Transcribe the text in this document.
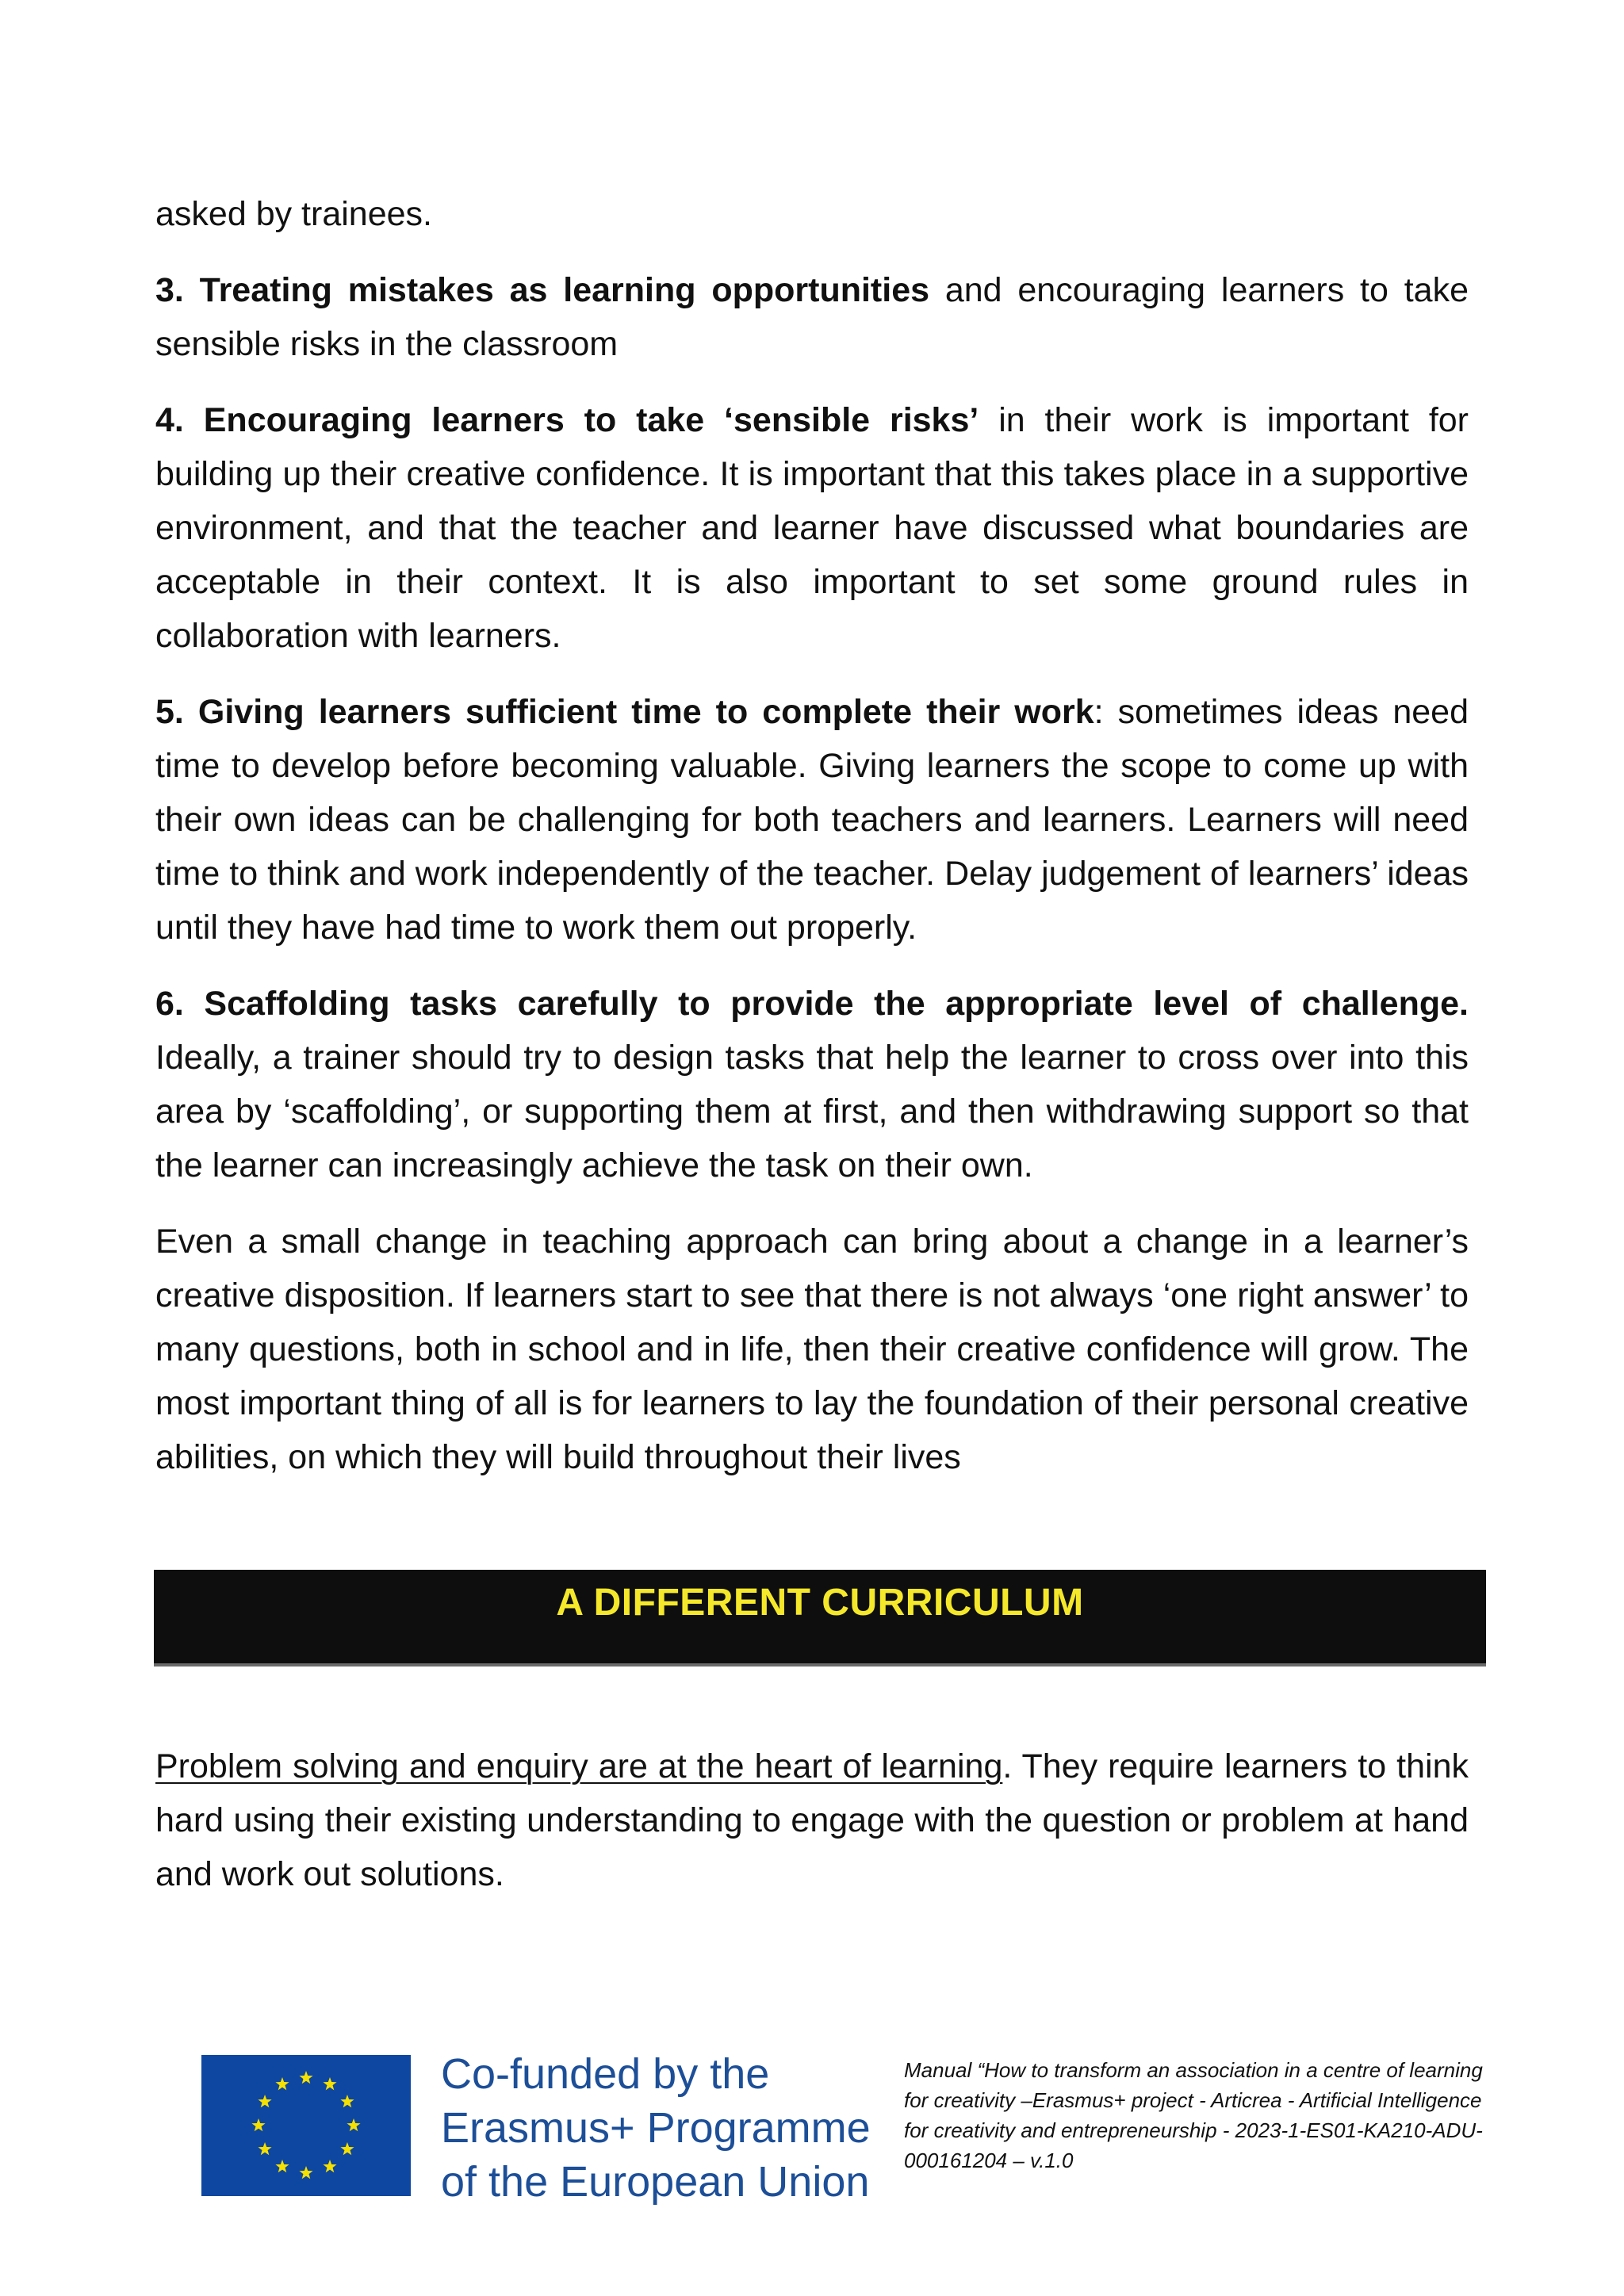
asked by trainees.

3. Treating mistakes as learning opportunities and encouraging learners to take sensible risks in the classroom

4. Encouraging learners to take ‘sensible risks’ in their work is important for building up their creative confidence. It is important that this takes place in a supportive environment, and that the teacher and learner have discussed what boundaries are acceptable in their context. It is also important to set some ground rules in collaboration with learners.

5. Giving learners sufficient time to complete their work: sometimes ideas need time to develop before becoming valuable. Giving learners the scope to come up with their own ideas can be challenging for both teachers and learners. Learners will need time to think and work independently of the teacher. Delay judgement of learners’ ideas until they have had time to work them out properly.

6. Scaffolding tasks carefully to provide the appropriate level of challenge. Ideally, a trainer should try to design tasks that help the learner to cross over into this area by ‘scaffolding’, or supporting them at first, and then withdrawing support so that the learner can increasingly achieve the task on their own.

Even a small change in teaching approach can bring about a change in a learner’s creative disposition. If learners start to see that there is not always ‘one right answer’ to many questions, both in school and in life, then their creative confidence will grow. The most important thing of all is for learners to lay the foundation of their personal creative abilities, on which they will build throughout their lives

A DIFFERENT CURRICULUM

Problem solving and enquiry are at the heart of learning. They require learners to think hard using their existing understanding to engage with the question or problem at hand and work out solutions.

Co-funded by the
Erasmus+ Programme
of the European Union
Manual “How to transform an association in a centre of learning for creativity –Erasmus+ project - Articrea - Artificial Intelligence for creativity and entrepreneurship - 2023-1-ES01-KA210-ADU-000161204 – v.1.0
